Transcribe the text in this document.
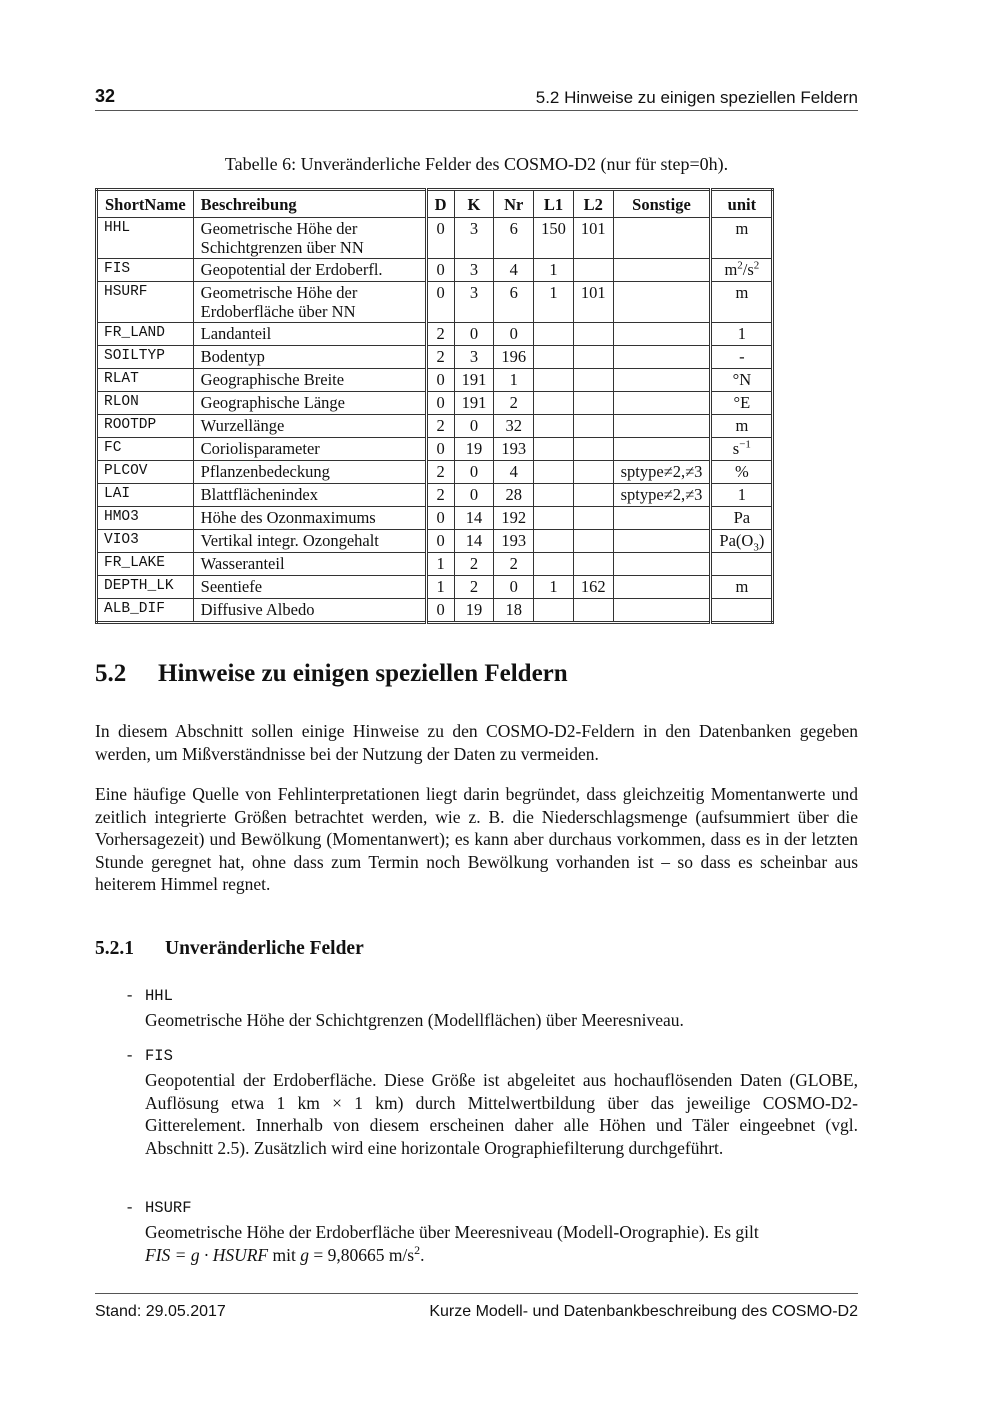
32	5.2 Hinweise zu einigen speziellen Feldern
Tabelle 6: Unveränderliche Felder des COSMO-D2 (nur für step=0h).
ShortName	Beschreibung	D	K	Nr	L1	L2	Sonstige	unit
HHL	Geometrische Höhe der Schichtgrenzen über NN	0	3	6	150	101		m
FIS	Geopotential der Erdoberfl.	0	3	4	1			$m^2/s^2$
HSURF	Geometrische Höhe der Erdoberfläche über NN	0	3	6	1	101		m
FR_LAND	Landanteil	2	0	0				1
SOILTYP	Bodentyp	2	3	196				-
RLAT	Geographische Breite	0	191	1				°N
RLON	Geographische Länge	0	191	2				°E
ROOTDP	Wurzellänge	2	0	32				m
FC	Coriolisparameter	0	19	193				$s^{-1}$
PLCOV	Pflanzenbedeckung	2	0	4			sptype≠2,≠3	%
LAI	Blattflächenindex	2	0	28			sptype≠2,≠3	1
HMO3	Höhe des Ozonmaximums	0	14	192				Pa
VIO3	Vertikal integr. Ozongehalt	0	14	193				$Pa(O_3)$
FR_LAKE	Wasseranteil	1	2	2				
DEPTH_LK	Seentiefe	1	2	0	1	162		m
ALB_DIF	Diffusive Albedo	0	19	18				
5.2 Hinweise zu einigen speziellen Feldern

In diesem Abschnitt sollen einige Hinweise zu den COSMO-D2-Feldern in den Datenbanken gegeben werden, um Mißverständnisse bei der Nutzung der Daten zu vermeiden.

Eine häufige Quelle von Fehlinterpretationen liegt darin begründet, dass gleichzeitig Momentanwerte und zeitlich integrierte Größen betrachtet werden, wie z. B. die Niederschlagsmenge (aufsummiert über die Vorhersagezeit) und Bewölkung (Momentanwert); es kann aber durchaus vorkommen, dass es in der letzten Stunde geregnet hat, ohne dass zum Termin noch Bewölkung vorhanden ist – so dass es scheinbar aus heiterem Himmel regnet.

5.2.1 Unveränderliche Felder
- HHL

Geometrische Höhe der Schichtgrenzen (Modellflächen) über Meeresniveau.

- FIS

Geopotential der Erdoberfläche. Diese Größe ist abgeleitet aus hochauflösenden Daten (GLOBE, Auflösung etwa 1 km × 1 km) durch Mittelwertbildung über das jeweilige COSMO-D2-Gitterelement. Innerhalb von diesem erscheinen daher alle Höhen und Täler eingeebnet (vgl. Abschnitt 2.5). Zusätzlich wird eine horizontale Orographiefilterung durchgeführt.

- HSURF

Geometrische Höhe der Erdoberfläche über Meeresniveau (Modell-Orographie). Es gilt
FIS = g · HSURF mit g = 9,80665 $m/s^2$.

Stand: 29.05.2017	Kurze Modell- und Datenbankbeschreibung des COSMO-D2
